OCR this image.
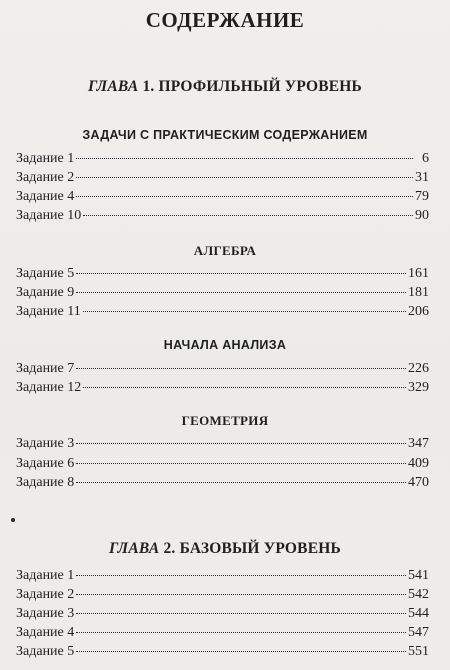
СОДЕРЖАНИЕ
ГЛАВА 1. ПРОФИЛЬНЫЙ УРОВЕНЬ
ЗАДАЧИ С ПРАКТИЧЕСКИМ СОДЕРЖАНИЕМ
Задание 1	6
Задание 2	31
Задание 4	79
Задание 10	90
АЛГЕБРА
Задание 5	161
Задание 9	181
Задание 11	206
НАЧАЛА АНАЛИЗА
Задание 7	226
Задание 12	329
ГЕОМЕТРИЯ
Задание 3	347
Задание 6	409
Задание 8	470
ГЛАВА 2. БАЗОВЫЙ УРОВЕНЬ
Задание 1	541
Задание 2	542
Задание 3	544
Задание 4	547
Задание 5	551
